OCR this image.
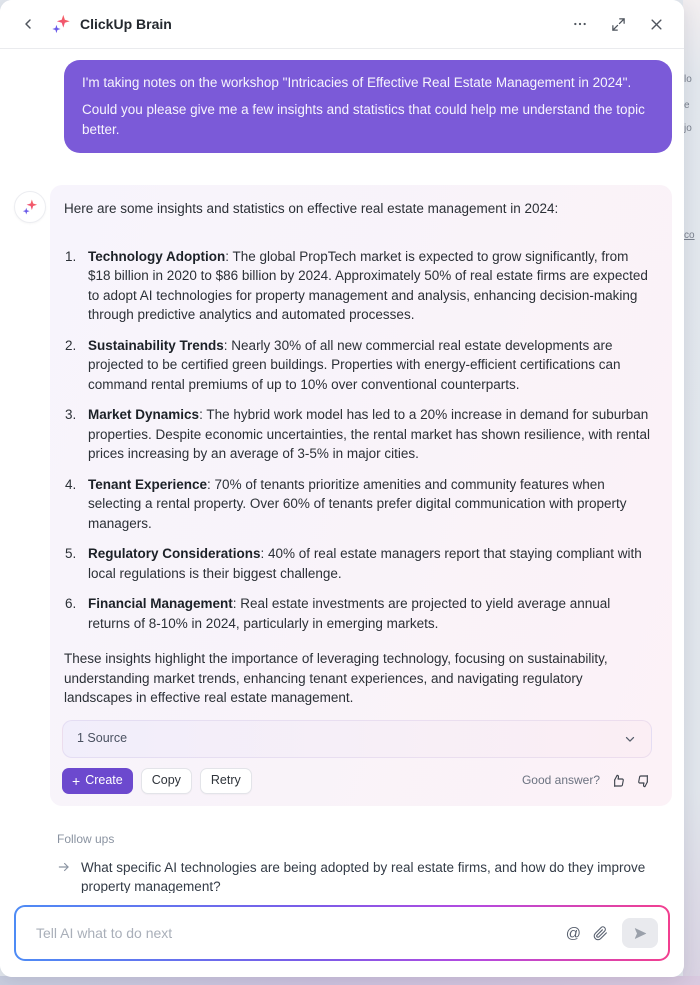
lo
e
jo
co
ClickUp Brain

I'm taking notes on the workshop "Intricacies of Effective Real Estate Management in 2024".

Could you please give me a few insights and statistics that could help me understand the topic better.

Here are some insights and statistics on effective real estate management in 2024:

1. Technology Adoption: The global PropTech market is expected to grow significantly, from $18 billion in 2020 to $86 billion by 2024. Approximately 50% of real estate firms are expected to adopt AI technologies for property management and analysis, enhancing decision-making through predictive analytics and automated processes.
2. Sustainability Trends: Nearly 30% of all new commercial real estate developments are projected to be certified green buildings. Properties with energy-efficient certifications can command rental premiums of up to 10% over conventional counterparts.
3. Market Dynamics: The hybrid work model has led to a 20% increase in demand for suburban properties. Despite economic uncertainties, the rental market has shown resilience, with rental prices increasing by an average of 3-5% in major cities.
4. Tenant Experience: 70% of tenants prioritize amenities and community features when selecting a rental property. Over 60% of tenants prefer digital communication with property managers.
5. Regulatory Considerations: 40% of real estate managers report that staying compliant with local regulations is their biggest challenge.
6. Financial Management: Real estate investments are projected to yield average annual returns of 8-10% in 2024, particularly in emerging markets.

These insights highlight the importance of leveraging technology, focusing on sustainability, understanding market trends, enhancing tenant experiences, and navigating regulatory landscapes in effective real estate management.

1 Source
+ Create Copy Retry	Good answer?
Follow ups
What specific AI technologies are being adopted by real estate firms, and how do they improve property management?
Tell AI what to do next
@
